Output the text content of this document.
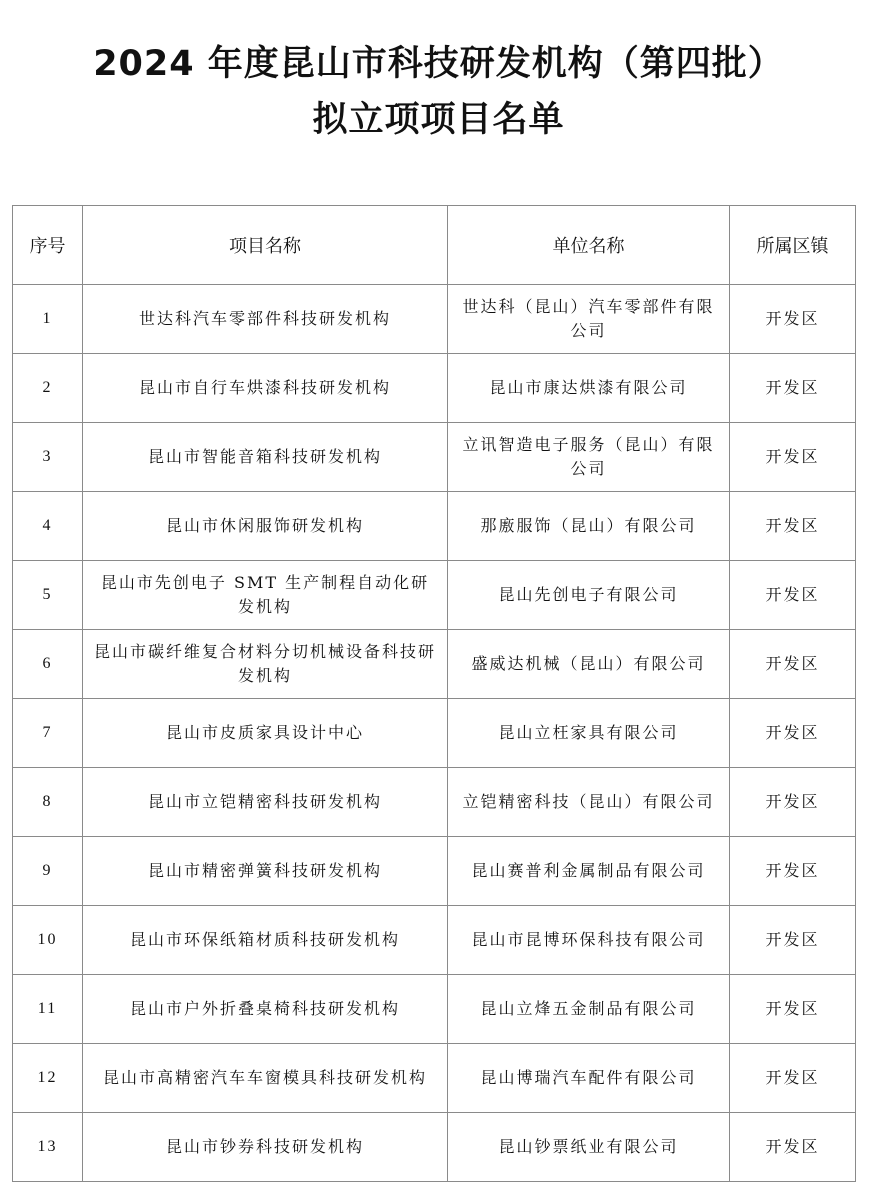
2024 年度昆山市科技研发机构（第四批）
拟立项项目名单
序号	项目名称	单位名称	所属区镇
1	世达科汽车零部件科技研发机构	世达科（昆山）汽车零部件有限公司	开发区
2	昆山市自行车烘漆科技研发机构	昆山市康达烘漆有限公司	开发区
3	昆山市智能音箱科技研发机构	立讯智造电子服务（昆山）有限公司	开发区
4	昆山市休闲服饰研发机构	那廒服饰（昆山）有限公司	开发区
5	昆山市先创电子 SMT 生产制程自动化研发机构	昆山先创电子有限公司	开发区
6	昆山市碳纤维复合材料分切机械设备科技研发机构	盛威达机械（昆山）有限公司	开发区
7	昆山市皮质家具设计中心	昆山立枉家具有限公司	开发区
8	昆山市立铠精密科技研发机构	立铠精密科技（昆山）有限公司	开发区
9	昆山市精密弹簧科技研发机构	昆山赛普利金属制品有限公司	开发区
10	昆山市环保纸箱材质科技研发机构	昆山市昆博环保科技有限公司	开发区
11	昆山市户外折叠桌椅科技研发机构	昆山立烽五金制品有限公司	开发区
12	昆山市高精密汽车车窗模具科技研发机构	昆山博瑞汽车配件有限公司	开发区
13	昆山市钞券科技研发机构	昆山钞票纸业有限公司	开发区
